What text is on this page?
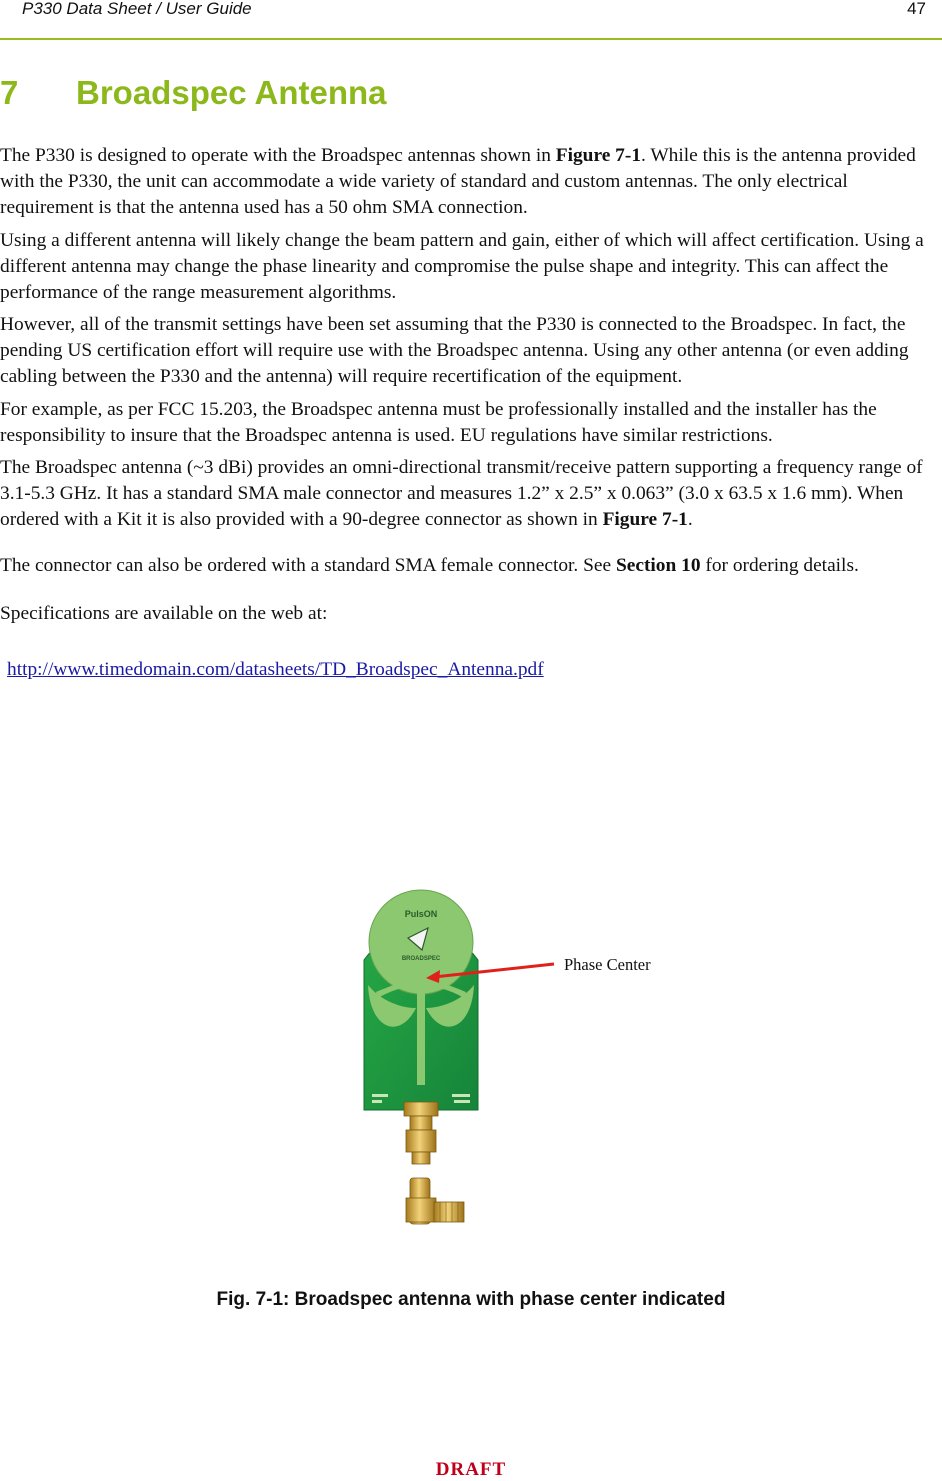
P330 Data Sheet / User Guide	47
7 Broadspec Antenna

The P330 is designed to operate with the Broadspec antennas shown in Figure 7-1. While this is the antenna provided with the P330, the unit can accommodate a wide variety of standard and custom antennas. The only electrical requirement is that the antenna used has a 50 ohm SMA connection.

Using a different antenna will likely change the beam pattern and gain, either of which will affect certification. Using a different antenna may change the phase linearity and compromise the pulse shape and integrity. This can affect the performance of the range measurement algorithms.

However, all of the transmit settings have been set assuming that the P330 is connected to the Broadspec. In fact, the pending US certification effort will require use with the Broadspec antenna. Using any other antenna (or even adding cabling between the P330 and the antenna) will require recertification of the equipment.

For example, as per FCC 15.203, the Broadspec antenna must be professionally installed and the installer has the responsibility to insure that the Broadspec antenna is used. EU regulations have similar restrictions.

The Broadspec antenna (~3 dBi) provides an omni-directional transmit/receive pattern supporting a frequency range of 3.1-5.3 GHz. It has a standard SMA male connector and measures 1.2” x 2.5” x 0.063” (3.0 x 63.5 x 1.6 mm). When ordered with a Kit it is also provided with a 90-degree connector as shown in Figure 7-1.

The connector can also be ordered with a standard SMA female connector. See Section 10 for ordering details.

Specifications are available on the web at:

http://www.timedomain.com/datasheets/TD_Broadspec_Antenna.pdf

PulsON
BROADSPEC	Phase Center
Fig. 7-1: Broadspec antenna with phase center indicated
DRAFT
